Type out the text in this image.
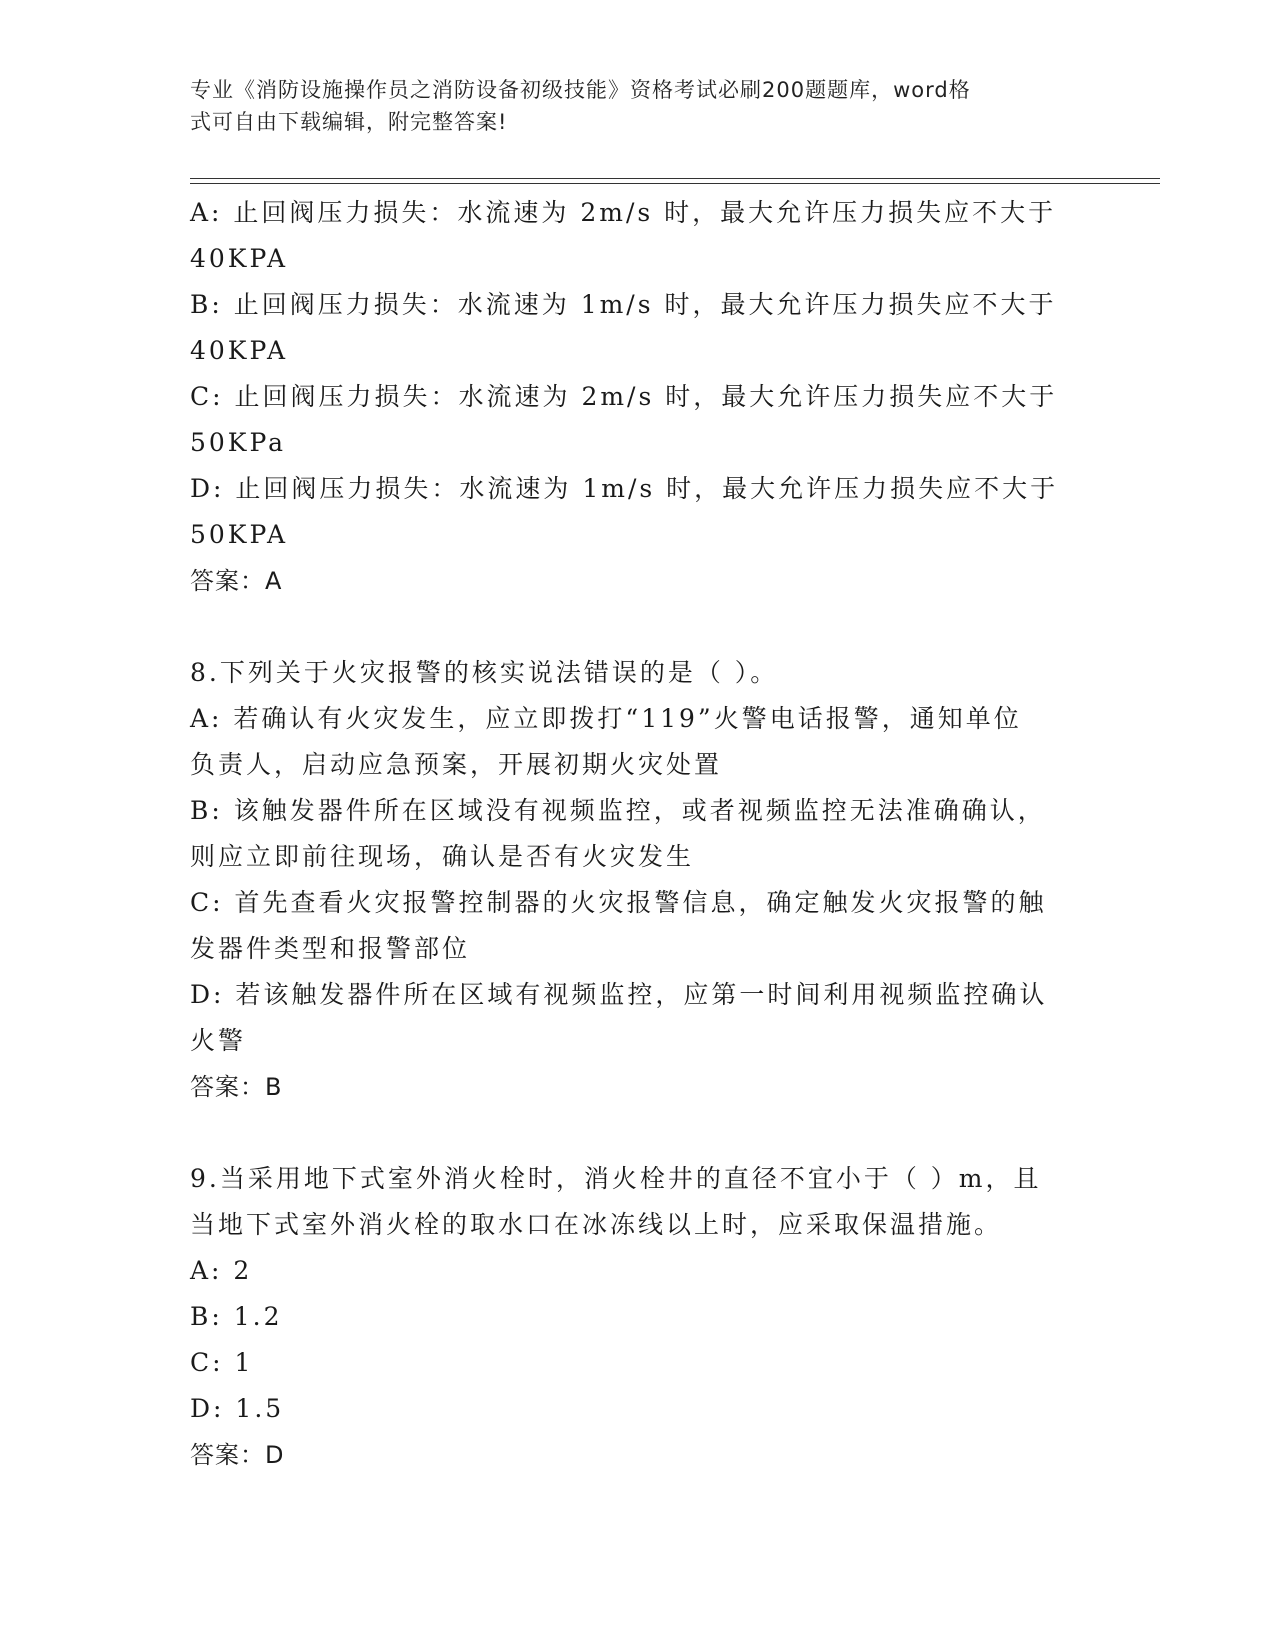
专业《消防设施操作员之消防设备初级技能》资格考试必刷200题题库，word格
式可自由下载编辑，附完整答案!
A: 止回阀压力损失：水流速为 2m/s 时，最大允许压力损失应不大于
40KPA
B: 止回阀压力损失：水流速为 1m/s 时，最大允许压力损失应不大于
40KPA
C: 止回阀压力损失：水流速为 2m/s 时，最大允许压力损失应不大于
50KPa
D: 止回阀压力损失：水流速为 1m/s 时，最大允许压力损失应不大于
50KPA
答案：A
8.下列关于火灾报警的核实说法错误的是（ ）。
A: 若确认有火灾发生，应立即拨打“119”火警电话报警，通知单位
负责人，启动应急预案，开展初期火灾处置
B: 该触发器件所在区域没有视频监控，或者视频监控无法准确确认，
则应立即前往现场，确认是否有火灾发生
C: 首先查看火灾报警控制器的火灾报警信息，确定触发火灾报警的触
发器件类型和报警部位
D: 若该触发器件所在区域有视频监控，应第一时间利用视频监控确认
火警
答案：B
9.当采用地下式室外消火栓时，消火栓井的直径不宜小于（ ）m，且
当地下式室外消火栓的取水口在冰冻线以上时，应采取保温措施。
A: 2
B: 1.2
C: 1
D: 1.5
答案：D
